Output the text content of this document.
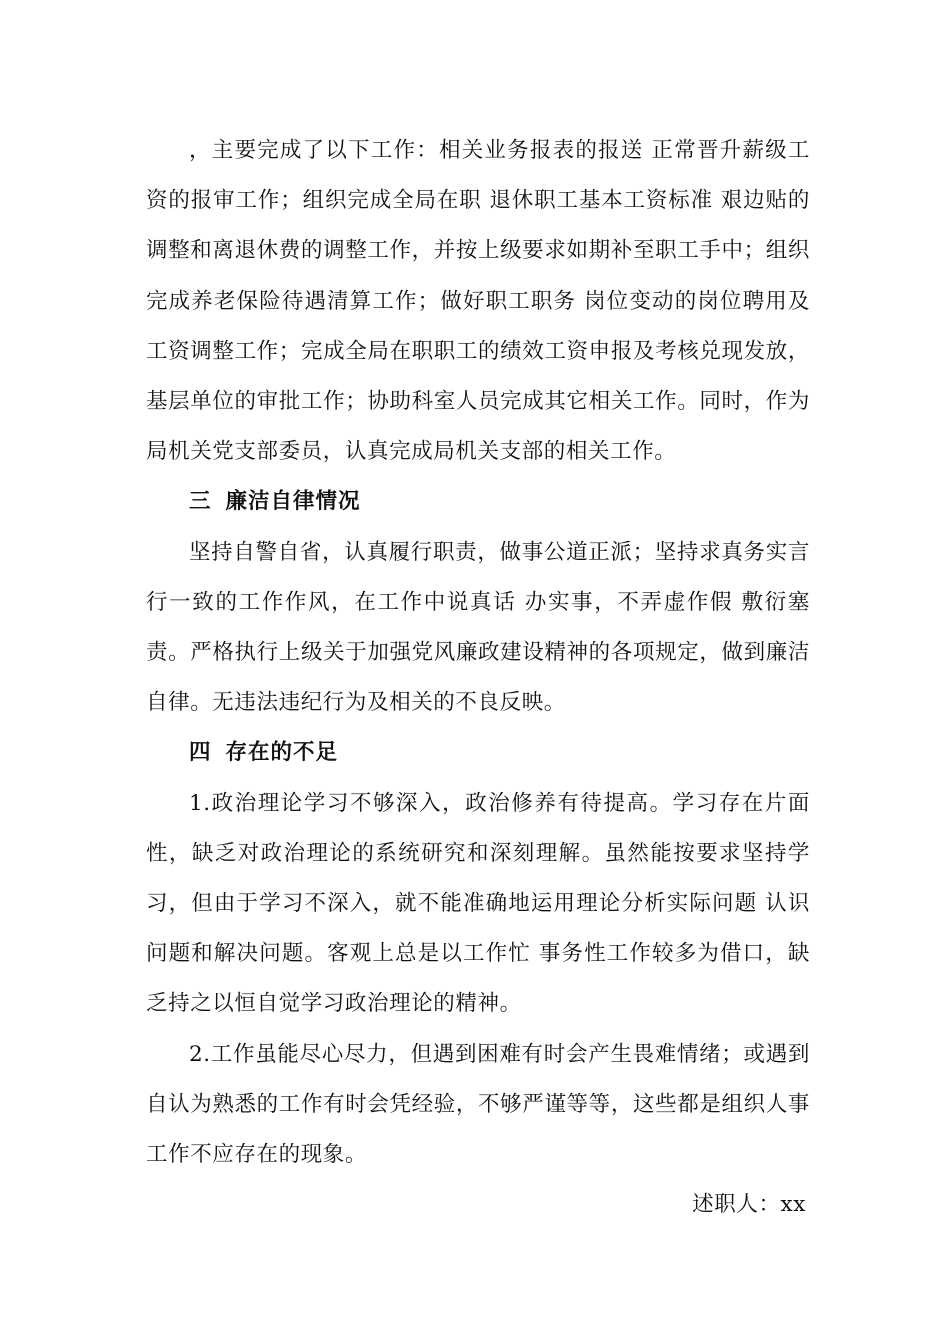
，主要完成了以下工作：相关业务报表的报送 正常晋升薪级工资的报审工作；组织完成全局在职 退休职工基本工资标准 艰边贴的调整和离退休费的调整工作，并按上级要求如期补至职工手中；组织完成养老保险待遇清算工作；做好职工职务 岗位变动的岗位聘用及工资调整工作；完成全局在职职工的绩效工资申报及考核兑现发放，基层单位的审批工作；协助科室人员完成其它相关工作。同时，作为局机关党支部委员，认真完成局机关支部的相关工作。

三 廉洁自律情况

坚持自警自省，认真履行职责，做事公道正派；坚持求真务实言行一致的工作作风，在工作中说真话 办实事，不弄虚作假 敷衍塞责。严格执行上级关于加强党风廉政建设精神的各项规定，做到廉洁自律。无违法违纪行为及相关的不良反映。

四 存在的不足

1.政治理论学习不够深入，政治修养有待提高。学习存在片面性，缺乏对政治理论的系统研究和深刻理解。虽然能按要求坚持学习，但由于学习不深入，就不能准确地运用理论分析实际问题 认识问题和解决问题。客观上总是以工作忙 事务性工作较多为借口，缺乏持之以恒自觉学习政治理论的精神。

2.工作虽能尽心尽力，但遇到困难有时会产生畏难情绪；或遇到自认为熟悉的工作有时会凭经验，不够严谨等等，这些都是组织人事工作不应存在的现象。

述职人：xx
